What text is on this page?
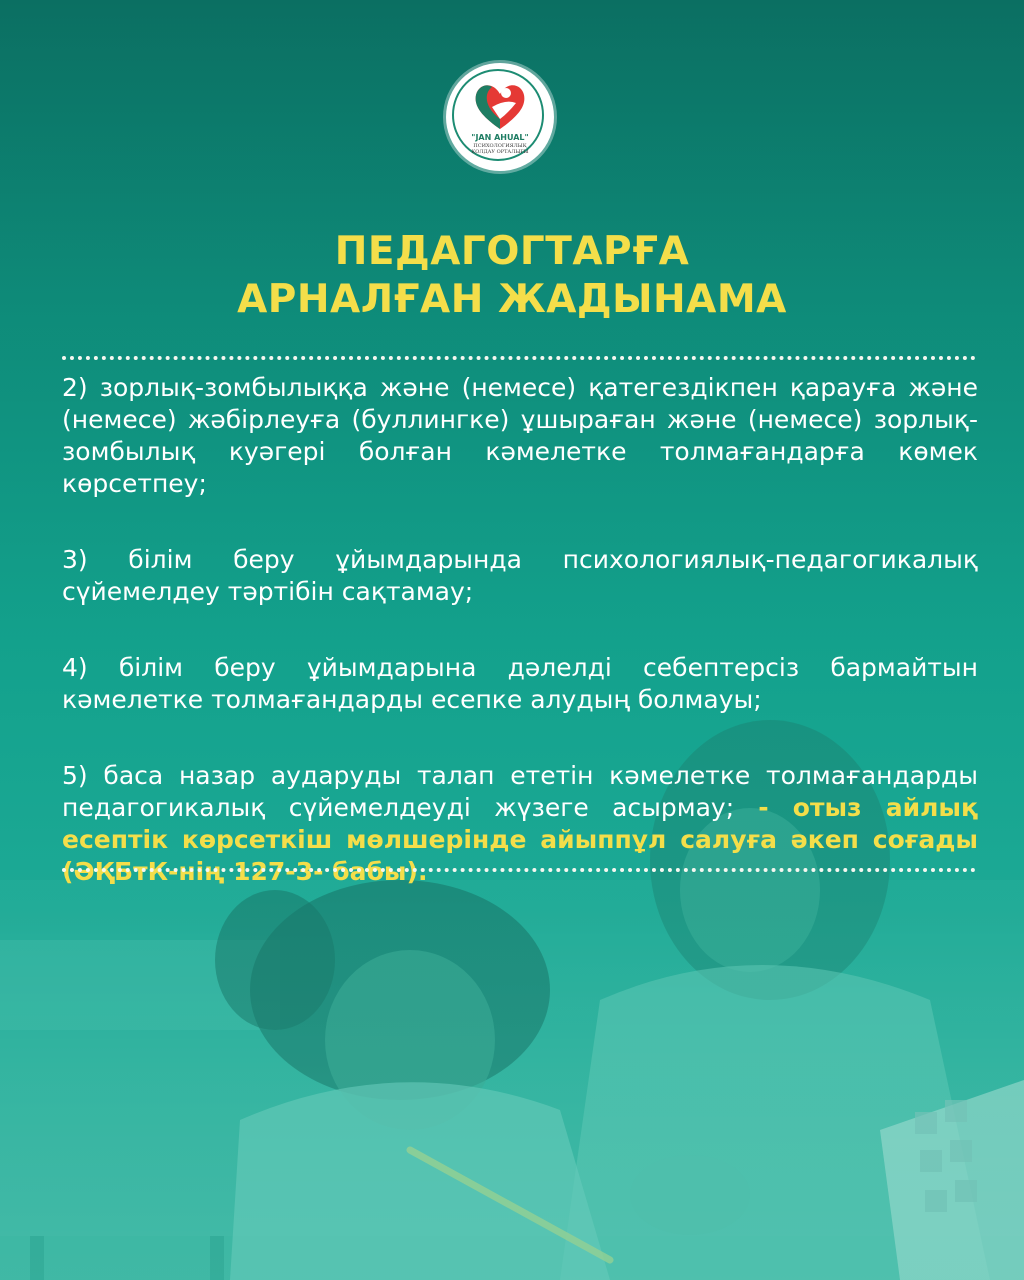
"JAN AHUAL"
ПСИХОЛОГИЯЛЫҚ
ҚОЛДАУ ОРТАЛЫҒЫ
ПЕДАГОГТАРҒА
АРНАЛҒАН ЖАДЫНАМА

2) зорлық-зомбылыққа және (немесе) қатегездікпен қарауға және (немесе) жәбірлеуға (буллингке) ұшыраған және (немесе) зорлық-зомбылық куәгері болған кәмелетке толмағандарға көмек көрсетпеу;

3) білім беру ұйымдарында психологиялық-педагогикалық сүйемелдеу тәртібін сақтамау;

4) білім беру ұйымдарына дәлелді себептерсіз бармайтын кәмелетке толмағандарды есепке алудың болмауы;

5) баса назар аударуды талап ететін кәмелетке толмағандарды педагогикалық сүйемелдеуді жүзеге асырмау; - отыз айлық есептік көрсеткіш мөлшерінде айыппұл салуға әкеп соғады (ӘҚБтК-нің 127-3- бабы).
